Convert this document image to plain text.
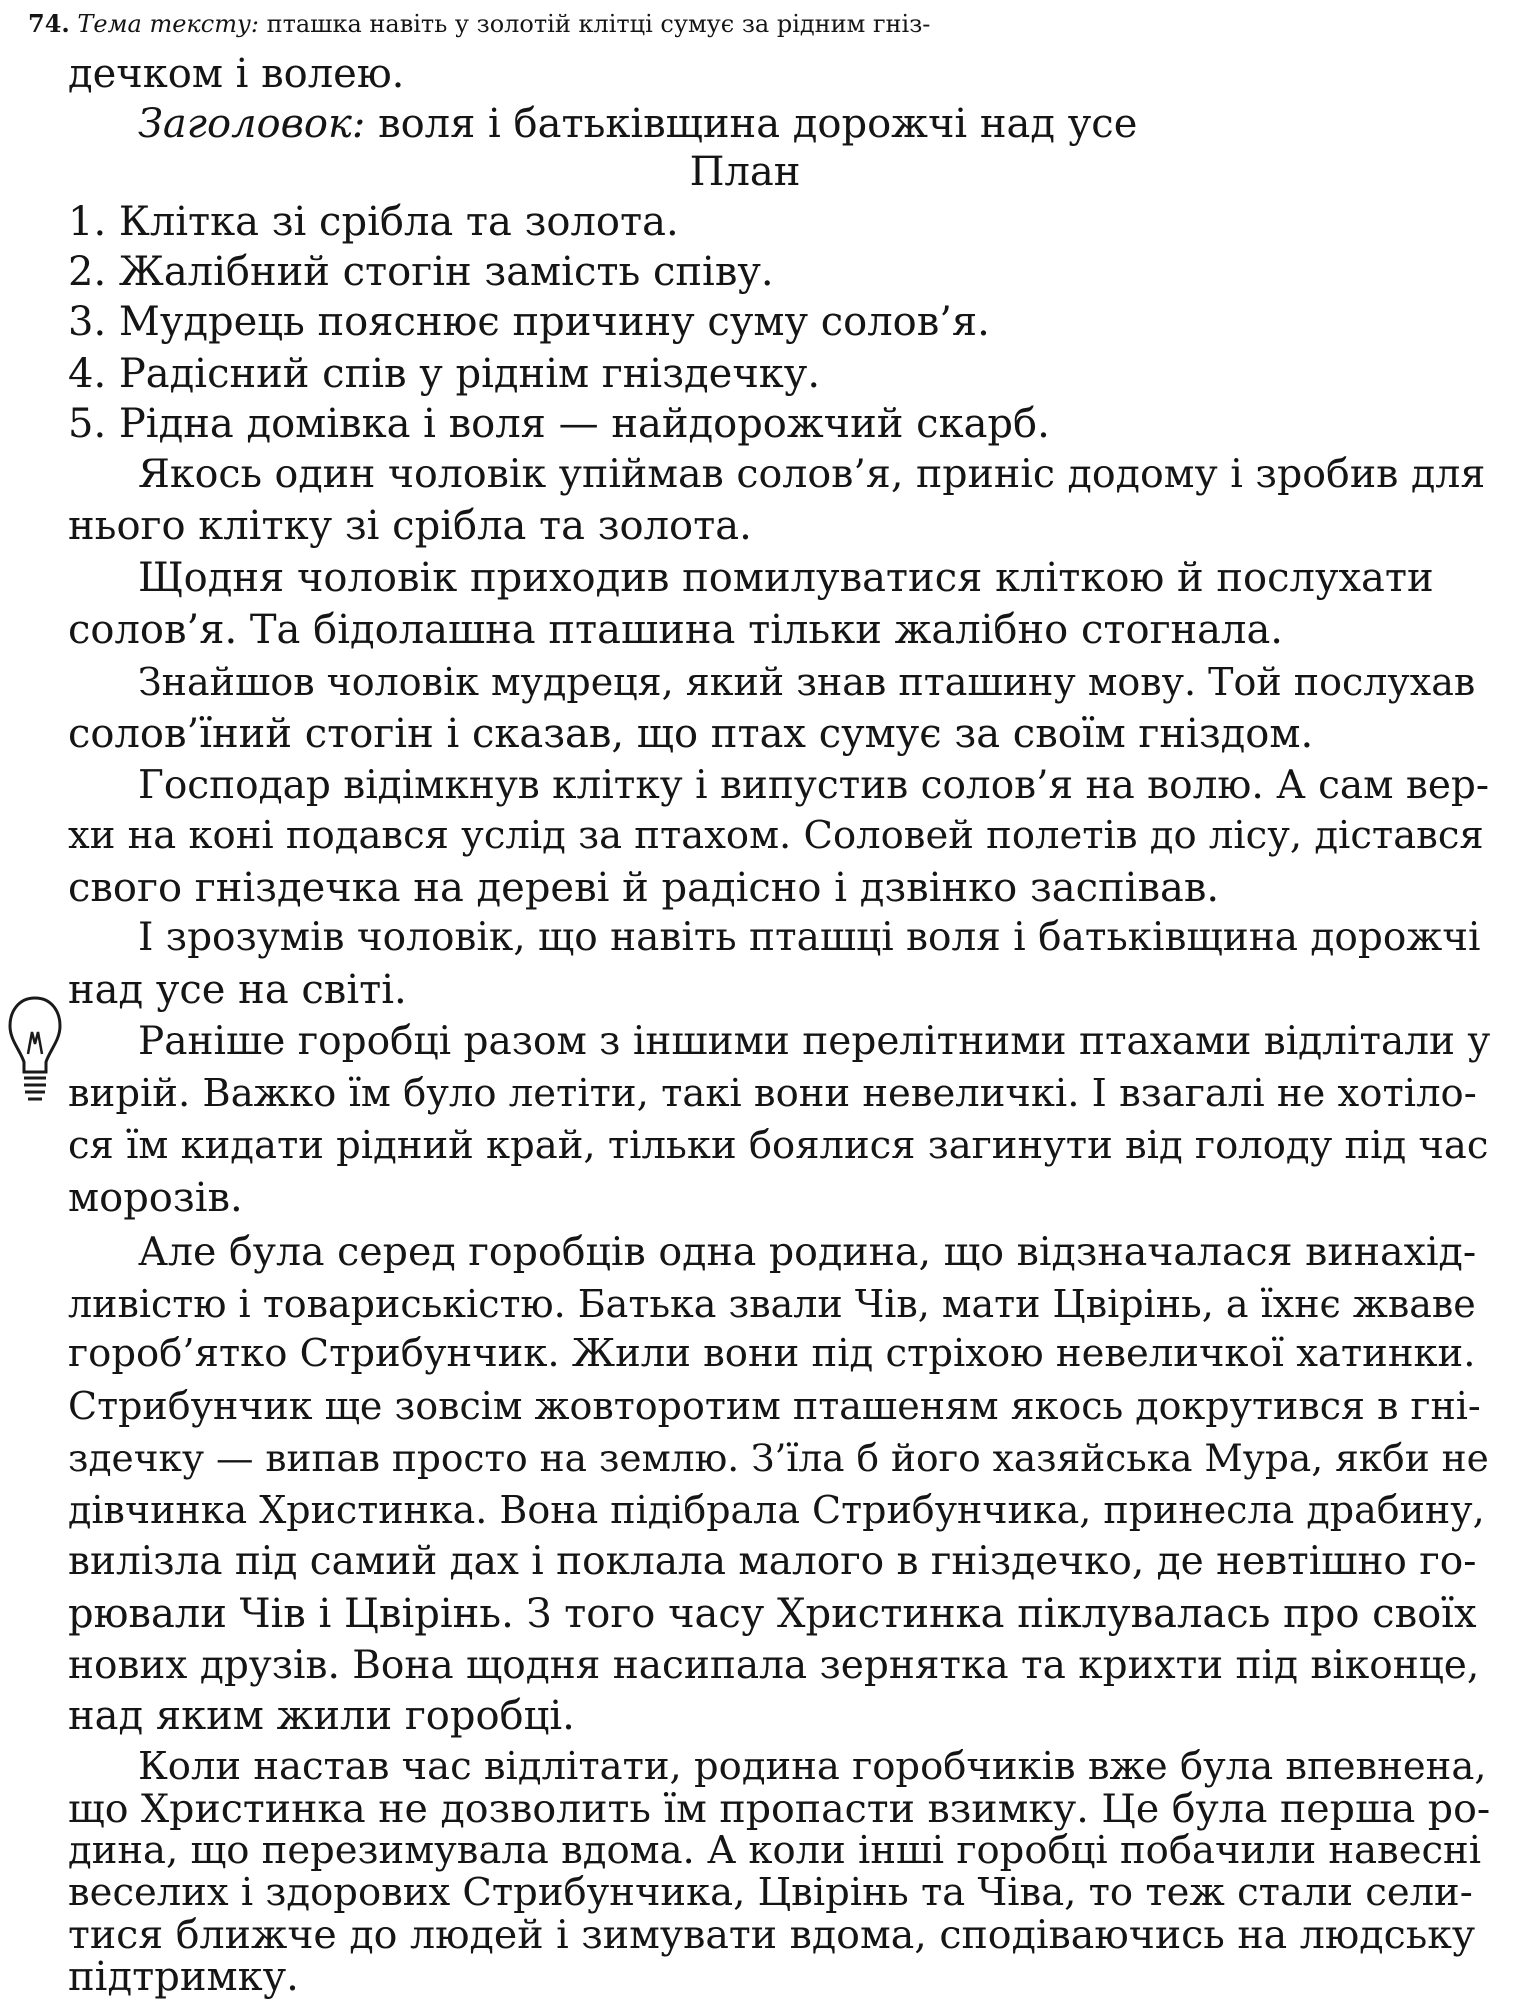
74. Тема тексту: пташка навіть у золотій клітці сумує за рідним гніз-
дечком і волею.
Заголовок: воля і батьківщина дорожчі над усе
План
1. Клітка зі срібла та золота.
2. Жалібний стогін замість співу.
3. Мудрець пояснює причину суму солов’я.
4. Радісний спів у ріднім гніздечку.
5. Рідна домівка і воля — найдорожчий скарб.
Якось один чоловік упіймав солов’я, приніс додому і зробив для
нього клітку зі срібла та золота.
Щодня чоловік приходив помилуватися кліткою й послухати
солов’я. Та бідолашна пташина тільки жалібно стогнала.
Знайшов чоловік мудреця, який знав пташину мову. Той послухав
солов’їний стогін і сказав, що птах сумує за своїм гніздом.
Господар відімкнув клітку і випустив солов’я на волю. А сам вер-
хи на коні подався услід за птахом. Соловей полетів до лісу, дістався
свого гніздечка на дереві й радісно і дзвінко заспівав.
І зрозумів чоловік, що навіть пташці воля і батьківщина дорожчі
над усе на світі.
Раніше горобці разом з іншими перелітними птахами відлітали у
вирій. Важко їм було летіти, такі вони невеличкі. І взагалі не хотіло-
ся їм кидати рідний край, тільки боялися загинути від голоду під час
морозів.
Але була серед горобців одна родина, що відзначалася винахід-
ливістю і товариськістю. Батька звали Чів, мати Цвірінь, а їхнє жваве
гороб’ятко Стрибунчик. Жили вони під стріхою невеличкої хатинки.
Стрибунчик ще зовсім жовторотим пташеням якось докрутився в гні-
здечку — випав просто на землю. З’їла б його хазяйська Мура, якби не
дівчинка Христинка. Вона підібрала Стрибунчика, принесла драбину,
вилізла під самий дах і поклала малого в гніздечко, де невтішно го-
рювали Чів і Цвірінь. З того часу Христинка піклувалась про своїх
нових друзів. Вона щодня насипала зернятка та крихти під віконце,
над яким жили горобці.
Коли настав час відлітати, родина горобчиків вже була впевнена,
що Христинка не дозволить їм пропасти взимку. Це була перша ро-
дина, що перезимувала вдома. А коли інші горобці побачили навесні
веселих і здорових Стрибунчика, Цвірінь та Чіва, то теж стали сели-
тися ближче до людей і зимувати вдома, сподіваючись на людську
підтримку.
